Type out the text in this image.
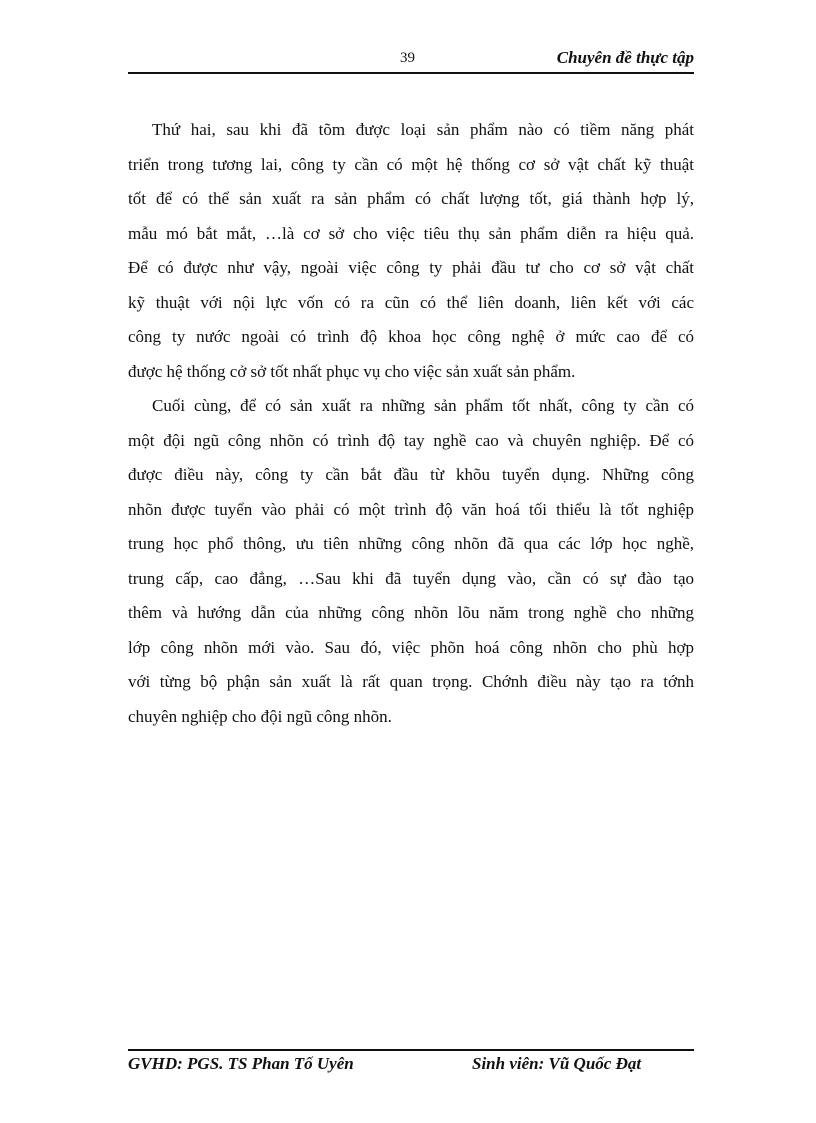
39	Chuyên đề thực tập
Thứ hai, sau khi đã tõm được loại sản phẩm nào có tiềm năng phát
triển trong tương lai, công ty cần có một hệ thống cơ sở vật chất kỹ thuật
tốt để có thể sản xuất ra sản phẩm có chất lượng tốt, giá thành hợp lý,
mẫu mó bắt mắt, …là cơ sở cho việc tiêu thụ sản phẩm diễn ra hiệu quả.
Để có được như vậy, ngoài việc công ty phải đầu tư cho cơ sở vật chất
kỹ thuật với nội lực vốn có ra cũn có thể liên doanh, liên kết với các
công ty nước ngoài có trình độ khoa học công nghệ ở mức cao để có
được hệ thống cở sở tốt nhất phục vụ cho việc sản xuất sản phẩm.
Cuối cùng, để có sản xuất ra những sản phẩm tốt nhất, công ty cần có
một đội ngũ công nhõn có trình độ tay nghề cao và chuyên nghiệp. Để có
được điều này, công ty cần bắt đầu từ khõu tuyển dụng. Những công
nhõn được tuyển vào phải có một trình độ văn hoá tối thiểu là tốt nghiệp
trung học phổ thông, ưu tiên những công nhõn đã qua các lớp học nghề,
trung cấp, cao đẳng, …Sau khi đã tuyển dụng vào, cần có sự đào tạo
thêm và hướng dẫn của những công nhõn lõu năm trong nghề cho những
lớp công nhõn mới vào. Sau đó, việc phõn hoá công nhõn cho phù hợp
với từng bộ phận sản xuất là rất quan trọng. Chớnh điều này tạo ra tớnh
chuyên nghiệp cho đội ngũ công nhõn.
GVHD: PGS. TS Phan Tố Uyên	Sinh viên: Vũ Quốc Đạt
